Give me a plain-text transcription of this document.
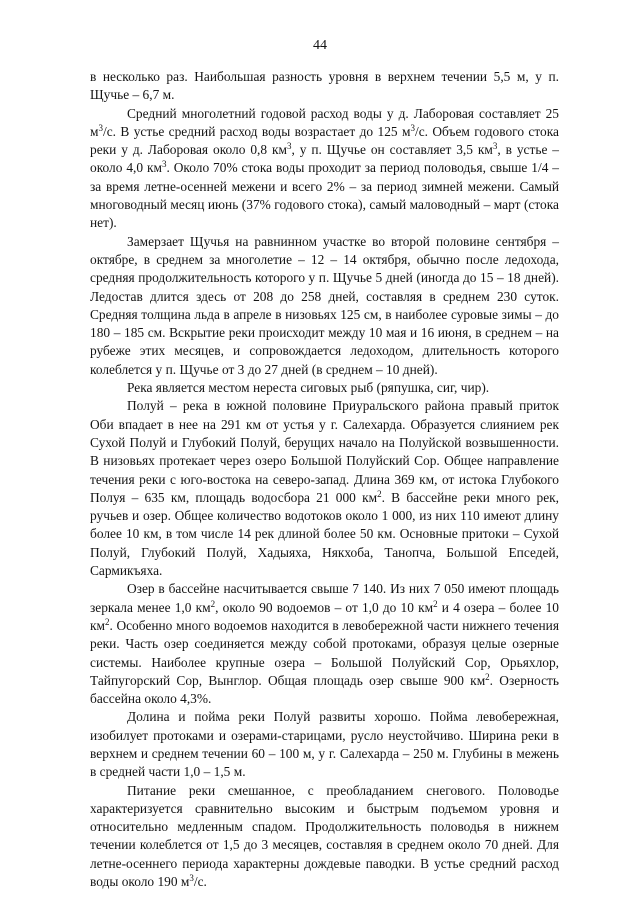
44

в несколько раз. Наибольшая разность уровня в верхнем течении 5,5 м, у п. Щучье – 6,7 м.

Средний многолетний годовой расход воды у д. Лаборовая составляет 25 $м^3/с$. В устье средний расход воды возрастает до 125 $м^3/с$. Объем годового стока реки у д. Лаборовая около 0,8 $км^3$, у п. Щучье он составляет 3,5 $км^3$, в устье – около 4,0 $км^3$. Около 70% стока воды проходит за период половодья, свыше 1/4 – за время летне-осенней межени и всего 2% – за период зимней межени. Самый многоводный месяц июнь (37% годового стока), самый маловодный – март (стока нет).

Замерзает Щучья на равнинном участке во второй половине сентября – октябре, в среднем за многолетие – 12 – 14 октября, обычно после ледохода, средняя продолжительность которого у п. Щучье 5 дней (иногда до 15 – 18 дней). Ледостав длится здесь от 208 до 258 дней, составляя в среднем 230 суток. Средняя толщина льда в апреле в низовьях 125 см, в наиболее суровые зимы – до 180 – 185 см. Вскрытие реки происходит между 10 мая и 16 июня, в среднем – на рубеже этих месяцев, и сопровождается ледоходом, длительность которого колеблется у п. Щучье от 3 до 27 дней (в среднем – 10 дней).

Река является местом нереста сиговых рыб (ряпушка, сиг, чир).

Полуй – река в южной половине Приуральского района правый приток Оби впадает в нее на 291 км от устья у г. Салехарда. Образуется слиянием рек Сухой Полуй и Глубокий Полуй, берущих начало на Полуйской возвышенности. В низовьях протекает через озеро Большой Полуйский Сор. Общее направление течения реки с юго-востока на северо-запад. Длина 369 км, от истока Глубокого Полуя – 635 км, площадь водосбора 21 000 $км^2$. В бассейне реки много рек, ручьев и озер. Общее количество водотоков около 1 000, из них 110 имеют длину более 10 км, в том числе 14 рек длиной более 50 км. Основные притоки – Сухой Полуй, Глубокий Полуй, Хадыяха, Някхоба, Танопча, Большой Епседей, Сармикъяха.

Озер в бассейне насчитывается свыше 7 140. Из них 7 050 имеют площадь зеркала менее 1,0 $км^2$, около 90 водоемов – от 1,0 до 10 $км^2$ и 4 озера – более 10 $км^2$. Особенно много водоемов находится в левобережной части нижнего течения реки. Часть озер соединяется между собой протоками, образуя целые озерные системы. Наиболее крупные озера – Большой Полуйский Сор, Орьяхлор, Тайпугорский Сор, Вынглор. Общая площадь озер свыше 900 $км^2$. Озерность бассейна около 4,3%.

Долина и пойма реки Полуй развиты хорошо. Пойма левобережная, изобилует протоками и озерами-старицами, русло неустойчиво. Ширина реки в верхнем и среднем течении 60 – 100 м, у г. Салехарда – 250 м. Глубины в межень в средней части 1,0 – 1,5 м.

Питание реки смешанное, с преобладанием снегового. Половодье характеризуется сравнительно высоким и быстрым подъемом уровня и относительно медленным спадом. Продолжительность половодья в нижнем течении колеблется от 1,5 до 3 месяцев, составляя в среднем около 70 дней. Для летне-осеннего периода характерны дождевые паводки. В устье средний расход воды около 190 $м^3/с$.
